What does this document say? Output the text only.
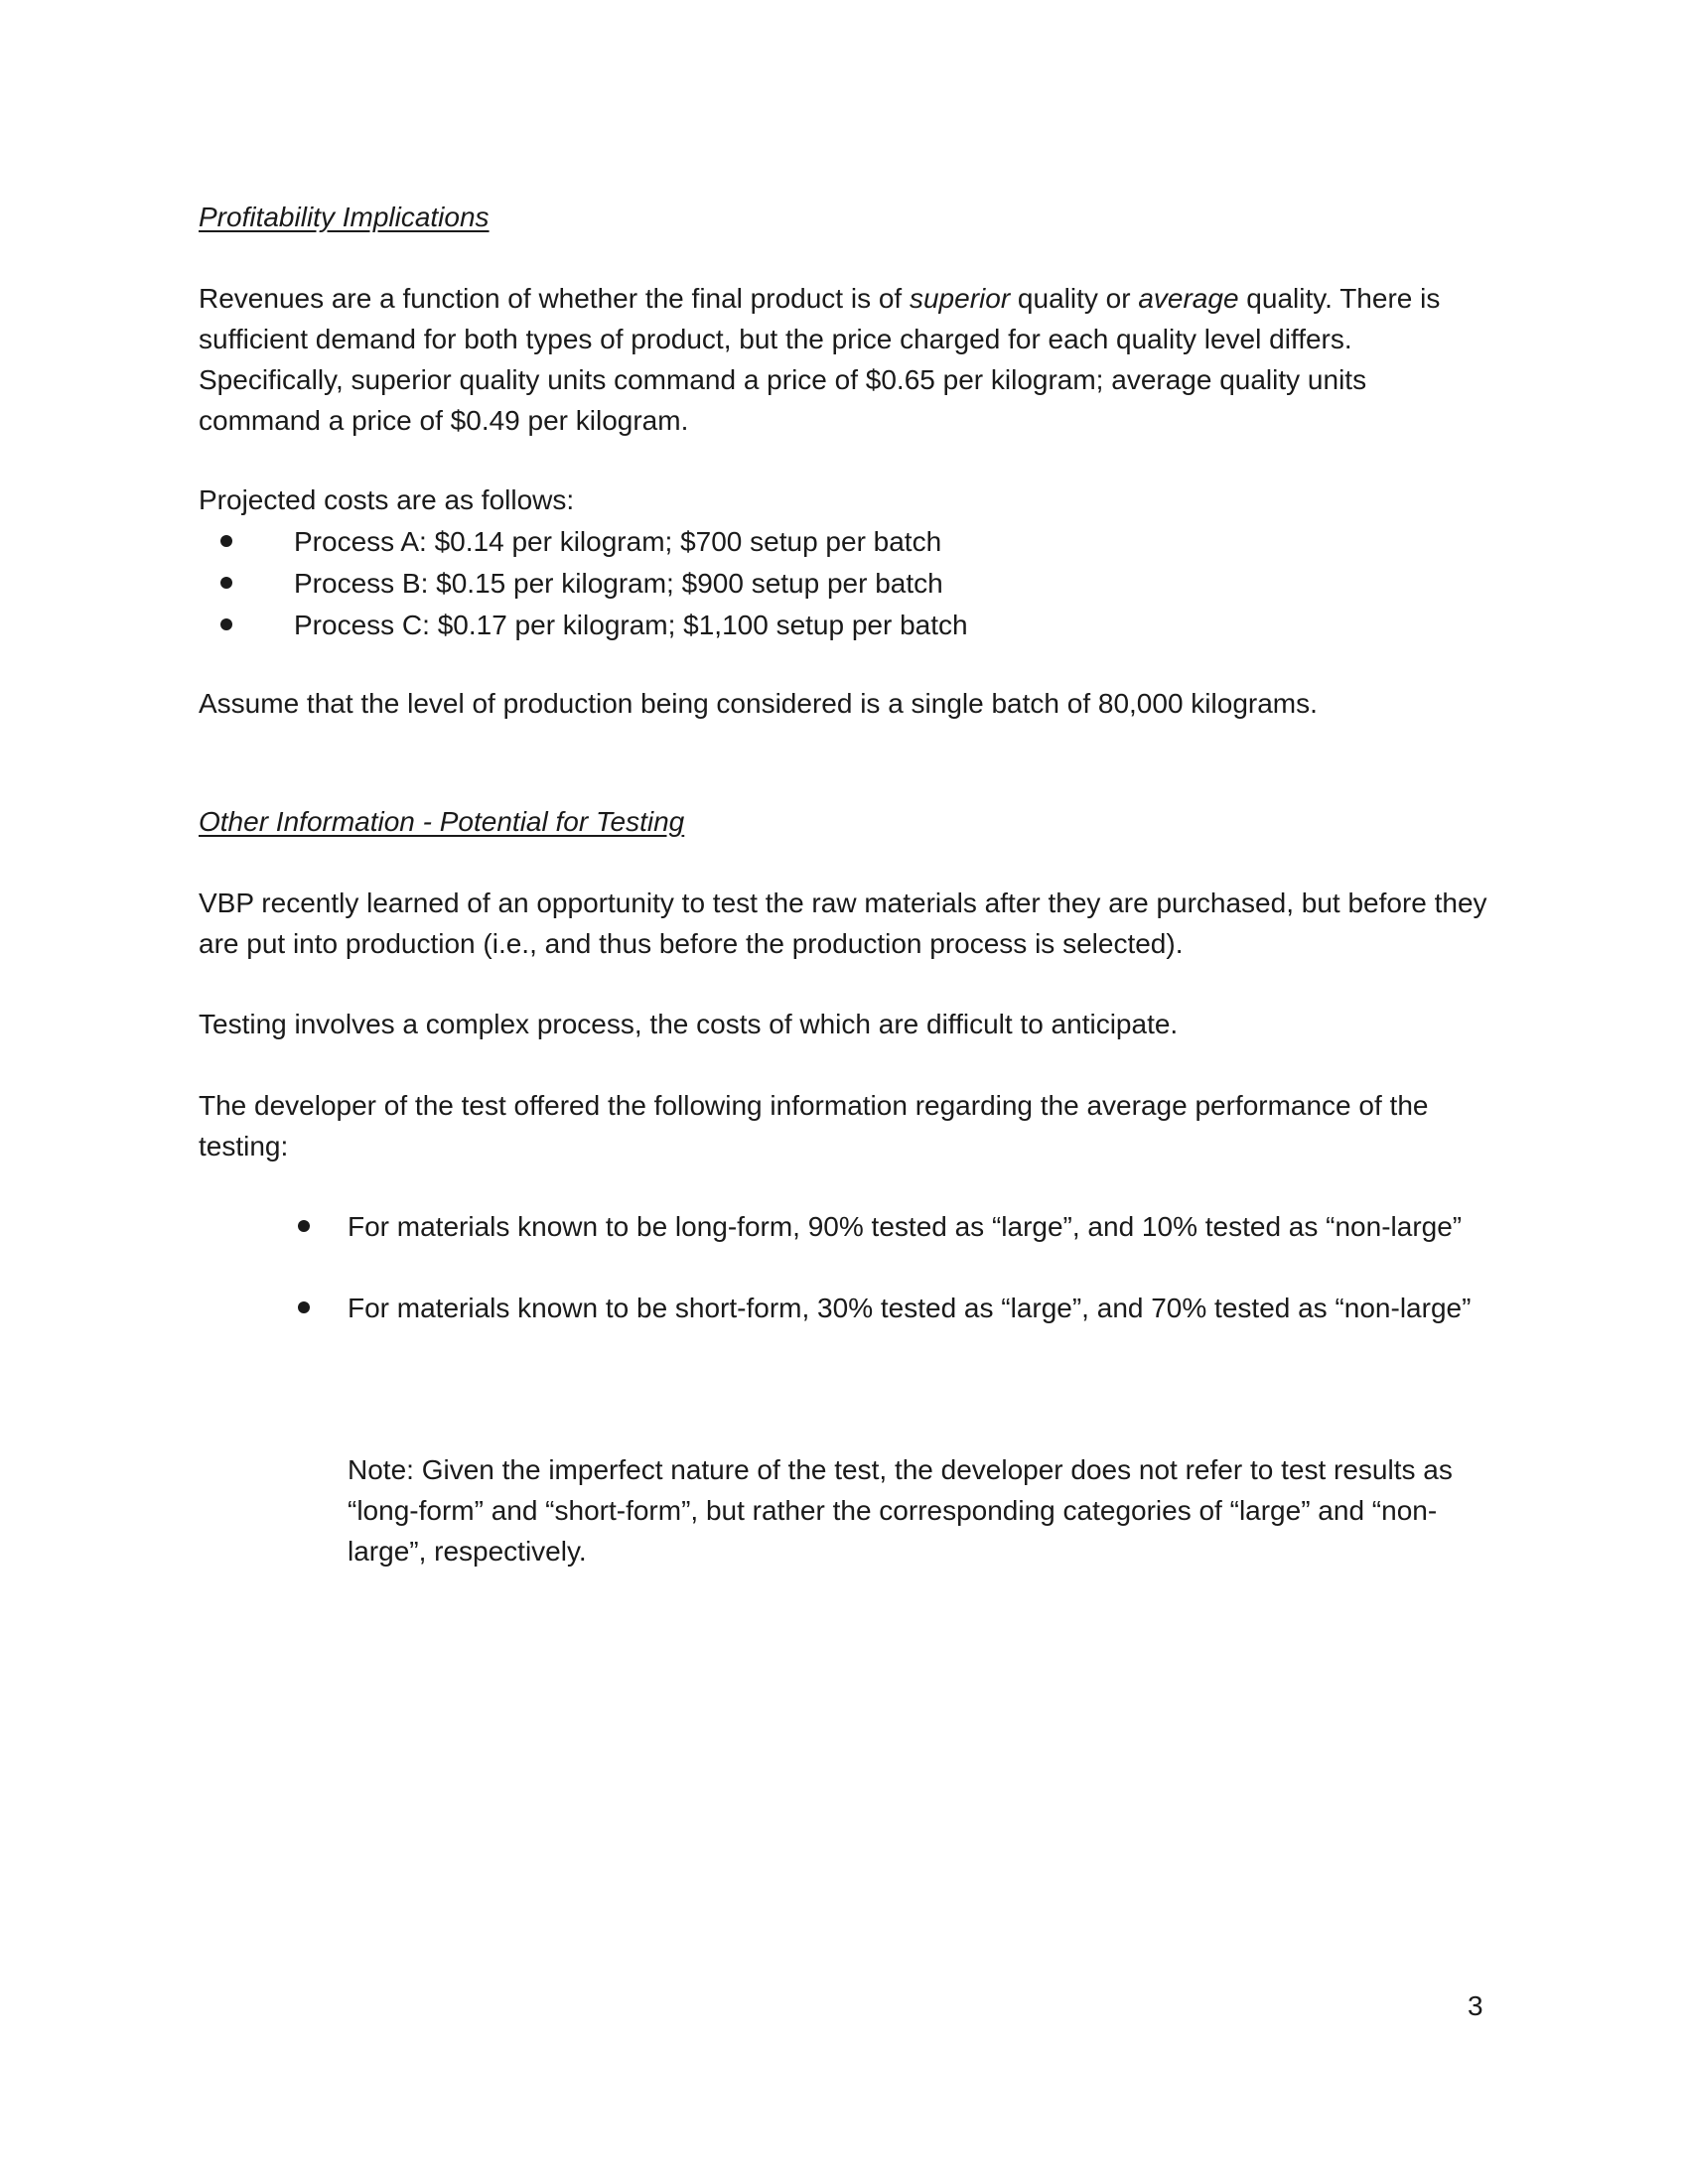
Profitability Implications

Revenues are a function of whether the final product is of superior quality or average quality. There is sufficient demand for both types of product, but the price charged for each quality level differs. Specifically, superior quality units command a price of $0.65 per kilogram; average quality units command a price of $0.49 per kilogram.

Projected costs are as follows:
Process A: $0.14 per kilogram; $700 setup per batch
Process B: $0.15 per kilogram; $900 setup per batch
Process C: $0.17 per kilogram; $1,100 setup per batch
Assume that the level of production being considered is a single batch of 80,000 kilograms.
Other Information - Potential for Testing

VBP recently learned of an opportunity to test the raw materials after they are purchased, but before they are put into production (i.e., and thus before the production process is selected).

Testing involves a complex process, the costs of which are difficult to anticipate.

The developer of the test offered the following information regarding the average performance of the testing:

For materials known to be long-form, 90% tested as “large”, and 10% tested as “non-large”
For materials known to be short-form, 30% tested as “large”, and 70% tested as “non-large”
Note: Given the imperfect nature of the test, the developer does not refer to test results as “long-form” and “short-form”, but rather the corresponding categories of “large” and “non-large”, respectively.
3
